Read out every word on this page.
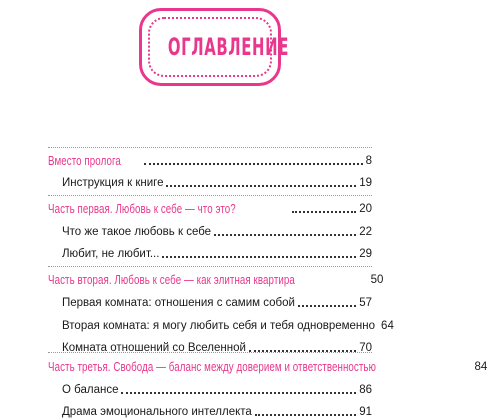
ОГЛАВЛЕНИЕ
Вместо пролога	8
Инструкция к книге	19
Часть первая. Любовь к себе — что это?	20
Что же такое любовь к себе	22
Любит, не любит...	29
Часть вторая. Любовь к себе — как элитная квартира	50
Первая комната: отношения с самим собой	57
Вторая комната: я могу любить себя и тебя одновременно 64
Комната отношений со Вселенной	70
Часть третья. Свобода — баланс между доверием и ответственностью	84
О балансе	86
Драма эмоционального интеллекта	91
